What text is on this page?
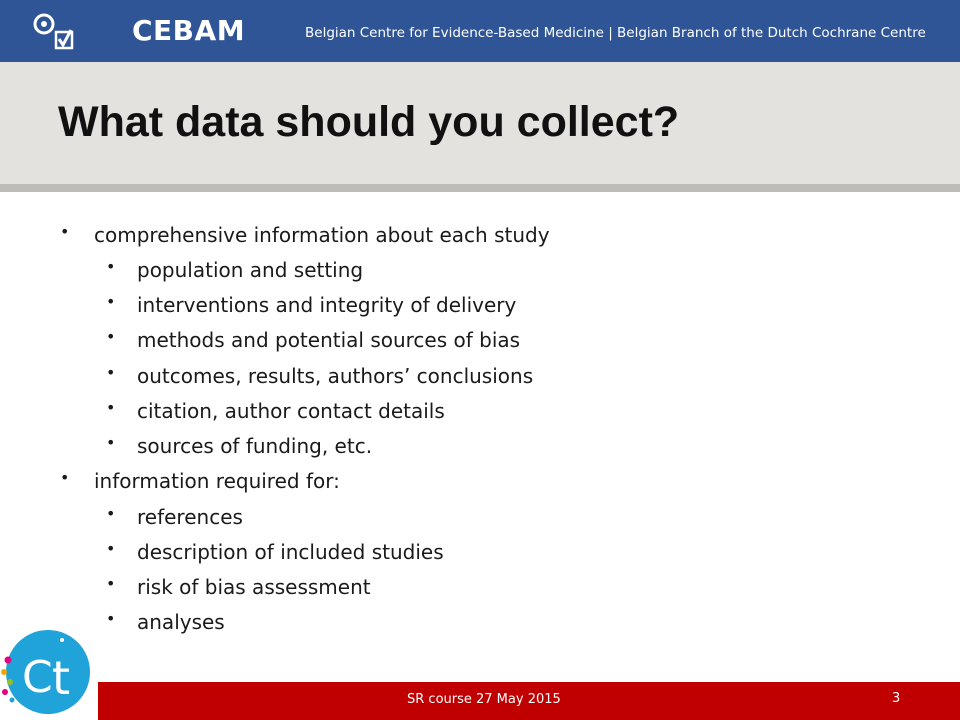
CEBAM	Belgian Centre for Evidence-Based Medicine | Belgian Branch of the Dutch Cochrane Centre
What data should you collect?
• comprehensive information about each study
• population and setting
• interventions and integrity of delivery
• methods and potential sources of bias
• outcomes, results, authors’ conclusions
• citation, author contact details
• sources of funding, etc.
• information required for:
• references
• description of included studies
• risk of bias assessment
• analyses
C t	SR course 27 May 2015	3
